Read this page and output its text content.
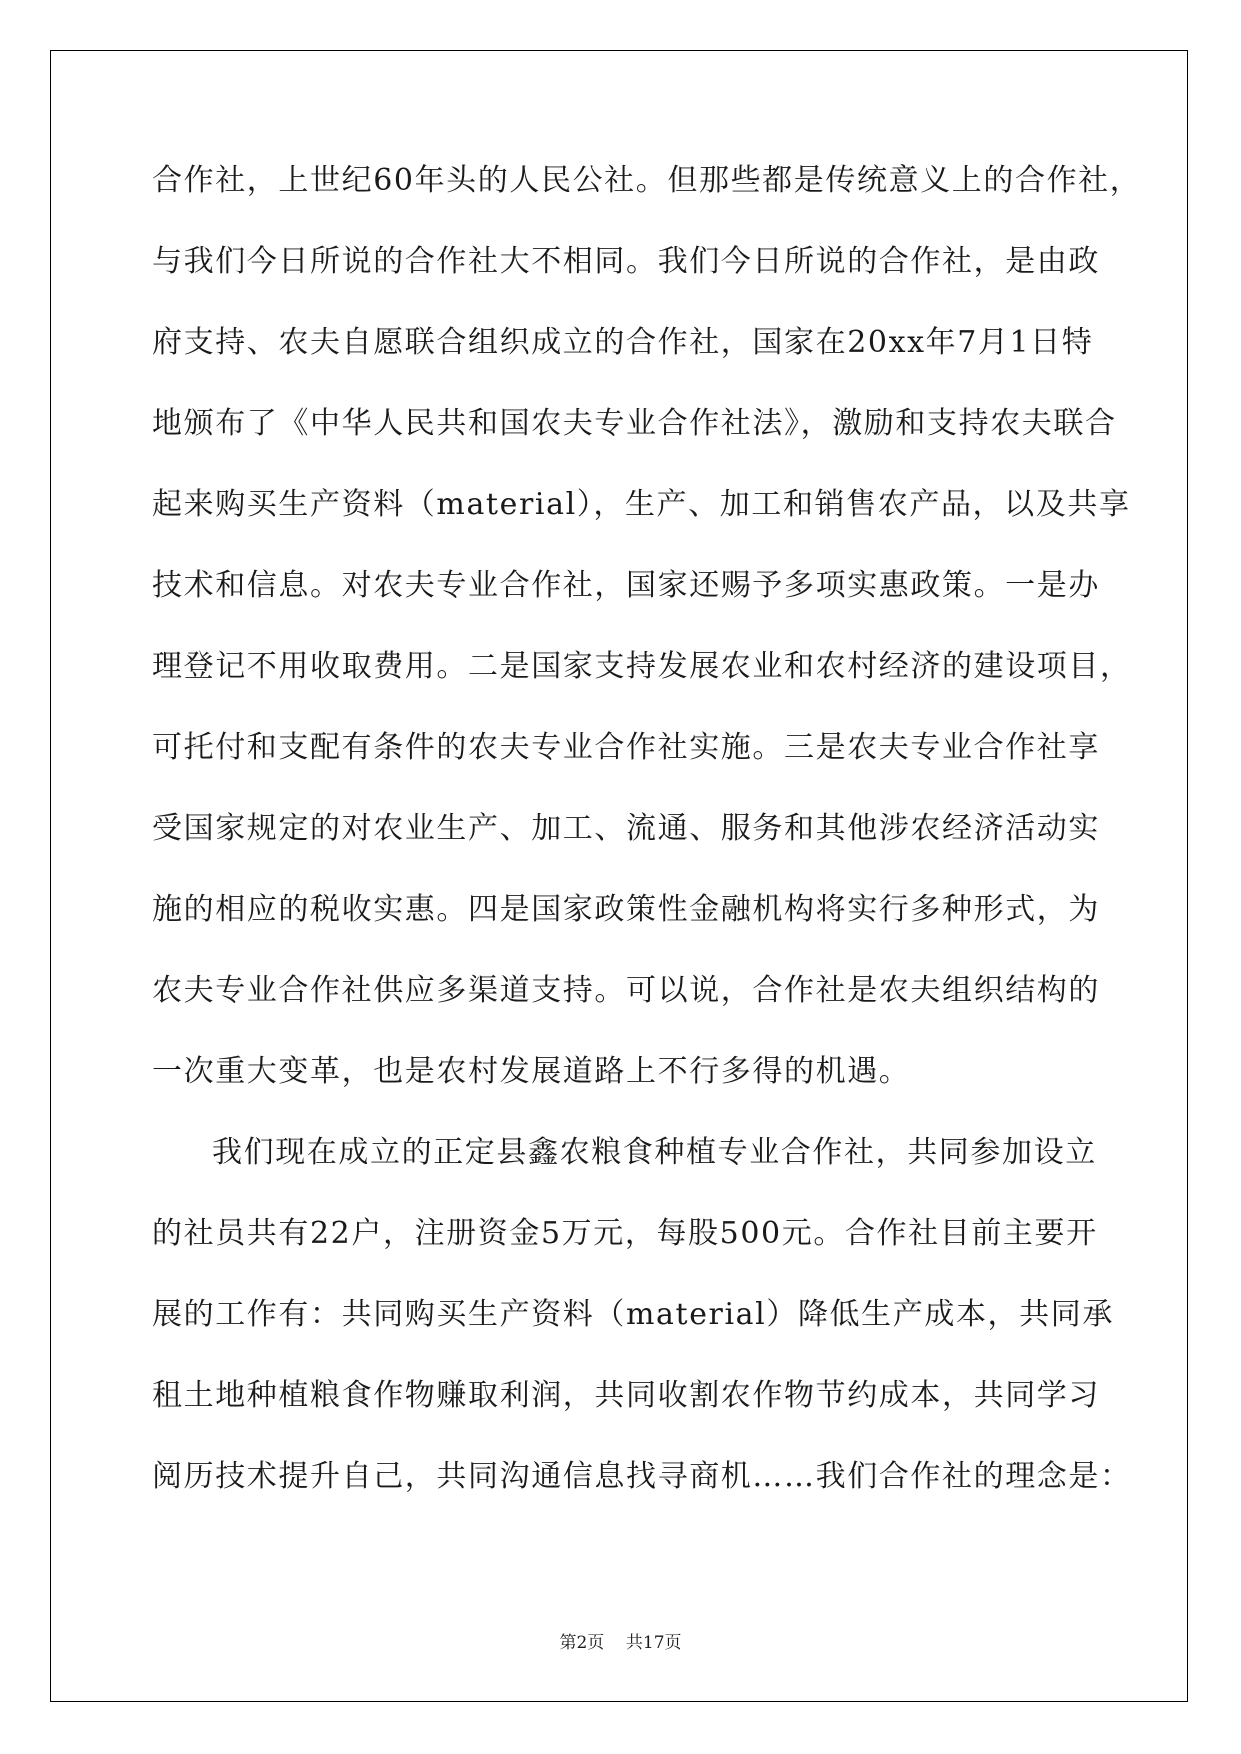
合作社，上世纪60年头的人民公社。但那些都是传统意义上的合作社，
与我们今日所说的合作社大不相同。我们今日所说的合作社，是由政
府支持、农夫自愿联合组织成立的合作社，国家在20xx年7月1日特
地颁布了《中华人民共和国农夫专业合作社法》，激励和支持农夫联合
起来购买生产资料（material），生产、加工和销售农产品，以及共享
技术和信息。对农夫专业合作社，国家还赐予多项实惠政策。一是办
理登记不用收取费用。二是国家支持发展农业和农村经济的建设项目，
可托付和支配有条件的农夫专业合作社实施。三是农夫专业合作社享
受国家规定的对农业生产、加工、流通、服务和其他涉农经济活动实
施的相应的税收实惠。四是国家政策性金融机构将实行多种形式，为
农夫专业合作社供应多渠道支持。可以说，合作社是农夫组织结构的
一次重大变革，也是农村发展道路上不行多得的机遇。
我们现在成立的正定县鑫农粮食种植专业合作社，共同参加设立
的社员共有22户，注册资金5万元，每股500元。合作社目前主要开
展的工作有：共同购买生产资料（material）降低生产成本，共同承
租土地种植粮食作物赚取利润，共同收割农作物节约成本，共同学习
阅历技术提升自己，共同沟通信息找寻商机……我们合作社的理念是：
第2页 共17页
